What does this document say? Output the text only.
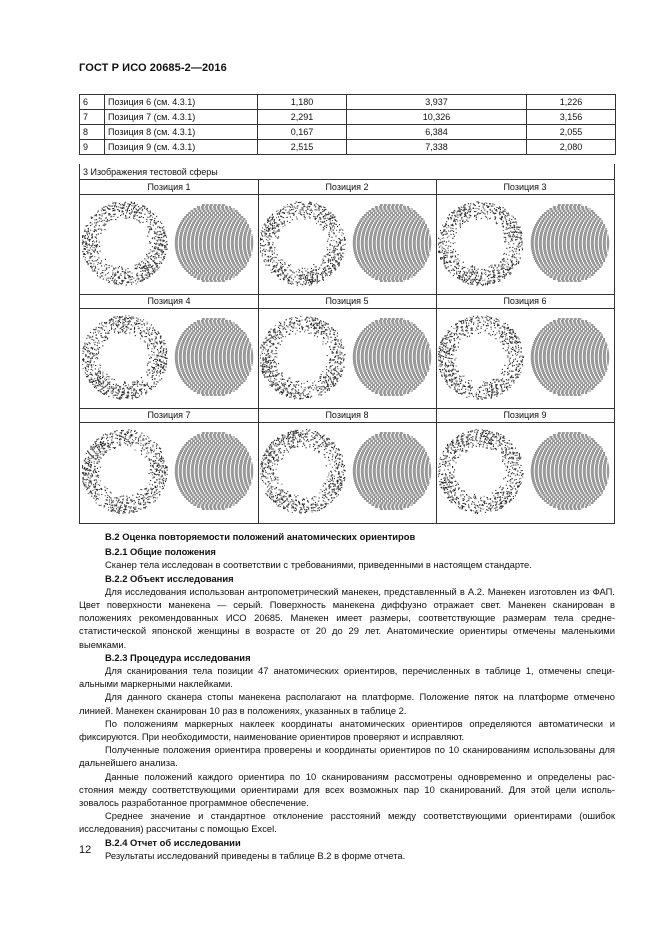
ГОСТ Р ИСО 20685-2—2016
6	Позиция 6 (см. 4.3.1)	1,180	3,937	1,226
7	Позиция 7 (см. 4.3.1)	2,291	10,326	3,156
8	Позиция 8 (см. 4.3.1)	0,167	6,384	2,055
9	Позиция 9 (см. 4.3.1)	2,515	7,338	2,080
3 Изображения тестовой сферы
Позиция 1	Позиция 2	Позиция 3
Позиция 4	Позиция 5	Позиция 6
Позиция 7	Позиция 8	Позиция 9

В.2 Оценка повторяемости положений анатомических ориентиров

В.2.1 Общие положения

Сканер тела исследован в соответствии с требованиями, приведенными в настоящем стандарте.

В.2.2 Объект исследования

Для исследования использован антропометрический манекен, представленный в А.2. Манекен изготовлен из ФАП. Цвет поверхности манекена — серый. Поверхность манекена диффузно отражает свет. Манекен сканирован в положениях рекомендованных ИСО 20685. Манекен имеет размеры, соответствующие размерам тела средне-статистической японской женщины в возрасте от 20 до 29 лет. Анатомические ориентиры отмечены маленькими выемками.

В.2.3 Процедура исследования

Для сканирования тела позиции 47 анатомических ориентиров, перечисленных в таблице 1, отмечены специ-альными маркерными наклейками.

Для данного сканера стопы манекена располагают на платформе. Положение пяток на платформе отмечено линией. Манекен сканирован 10 раз в положениях, указанных в таблице 2.

По положениям маркерных наклеек координаты анатомических ориентиров определяются автоматически и фиксируются. При необходимости, наименование ориентиров проверяют и исправляют.

Полученные положения ориентира проверены и координаты ориентиров по 10 сканированиям использованы для дальнейшего анализа.

Данные положений каждого ориентира по 10 сканированиям рассмотрены одновременно и определены рас-стояния между соответствующими ориентирами для всех возможных пар 10 сканирований. Для этой цели исполь-зовалось разработанное программное обеспечение.

Среднее значение и стандартное отклонение расстояний между соответствующими ориентирами (ошибок исследования) рассчитаны с помощью Excel.

В.2.4 Отчет об исследовании

Результаты исследований приведены в таблице В.2 в форме отчета.

12
